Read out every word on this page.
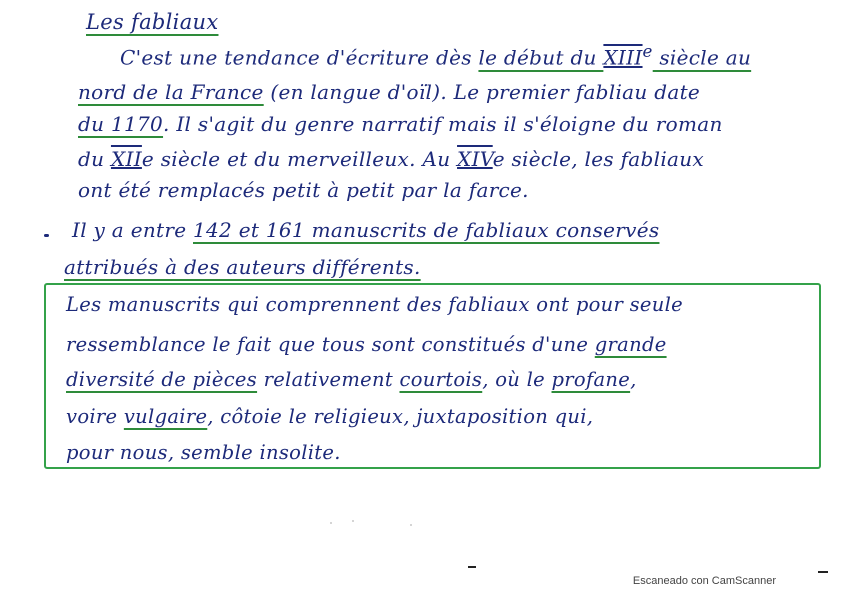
Les fabliaux
C'est une tendance d'écriture dès le début du XIIIe siècle au
nord de la France (en langue d'oïl). Le premier fabliau date
du 1170. Il s'agit du genre narratif mais il s'éloigne du roman
du XIIe siècle et du merveilleux. Au XIVe siècle, les fabliaux
ont été remplacés petit à petit par la farce.
Il y a entre 142 et 161 manuscrits de fabliaux conservés
attribués à des auteurs différents.
Les manuscrits qui comprennent des fabliaux ont pour seule
ressemblance le fait que tous sont constitués d'une grande
diversité de pièces relativement courtois, où le profane,
voire vulgaire, côtoie le religieux, juxtaposition qui,
pour nous, semble insolite.
Escaneado con CamScanner
